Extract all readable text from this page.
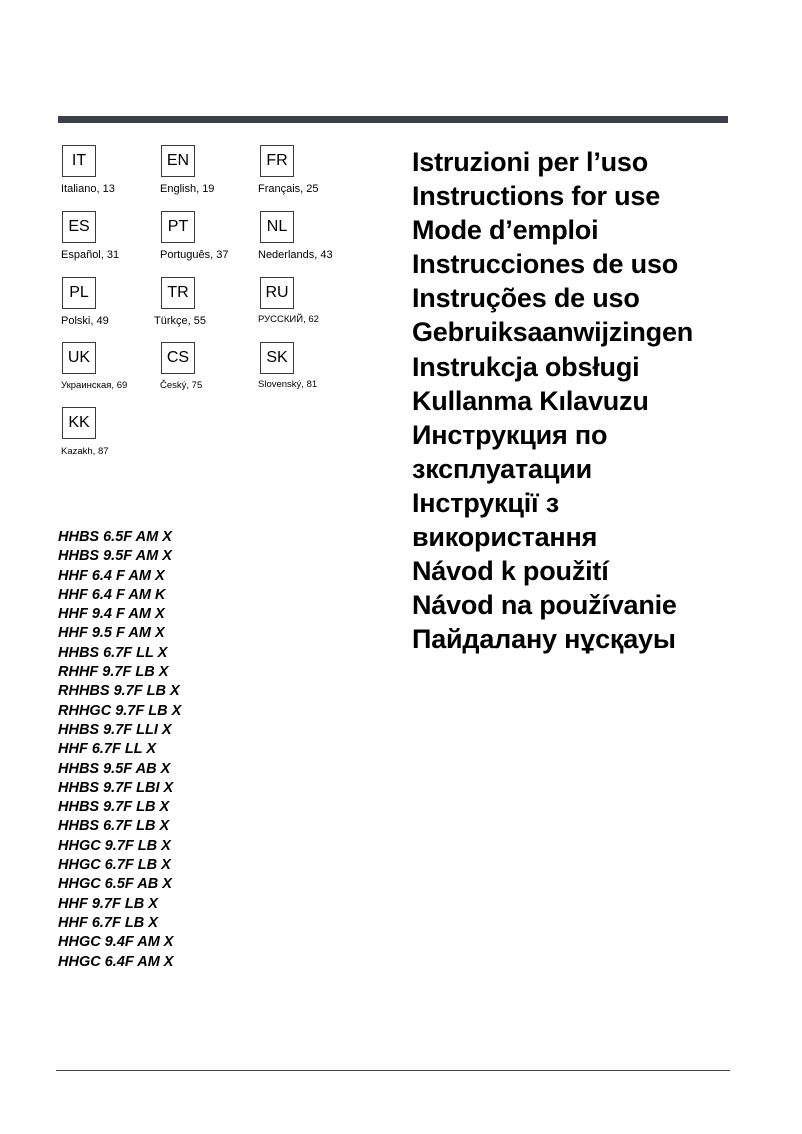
IT
Italiano, 13
EN
English, 19
FR
Français, 25
ES
Español, 31
PT
Português, 37
NL
Nederlands, 43
PL
Polski, 49
TR
Türkçe, 55
RU
РУССКИЙ, 62
UK
Украинская, 69
CS
Český, 75
SK
Slovenský, 81
KK
Kazakh, 87
Istruzioni per l’uso
Instructions for use
Mode d’emploi
Instrucciones de uso
Instruções de uso
Gebruiksaanwijzingen
Instrukcja obsługi
Kullanma Kılavuzu
Инструкция по
зксплуатации
Інструкції з
використання
Návod k použití
Návod na používanie
Пайдалану нұсқауы
HHBS 6.5F AM X
HHBS 9.5F AM X
HHF 6.4 F AM X
HHF 6.4 F AM K
HHF 9.4 F AM X
HHF 9.5 F AM X
HHBS 6.7F LL X
RHHF 9.7F LB X
RHHBS 9.7F LB X
RHHGC 9.7F LB X
HHBS 9.7F LLI X
HHF 6.7F LL X
HHBS 9.5F AB X
HHBS 9.7F LBI X
HHBS 9.7F LB X
HHBS 6.7F LB X
HHGC 9.7F LB X
HHGC 6.7F LB X
HHGC 6.5F AB X
HHF 9.7F LB X
HHF 6.7F LB X
HHGC 9.4F AM X
HHGC 6.4F AM X
